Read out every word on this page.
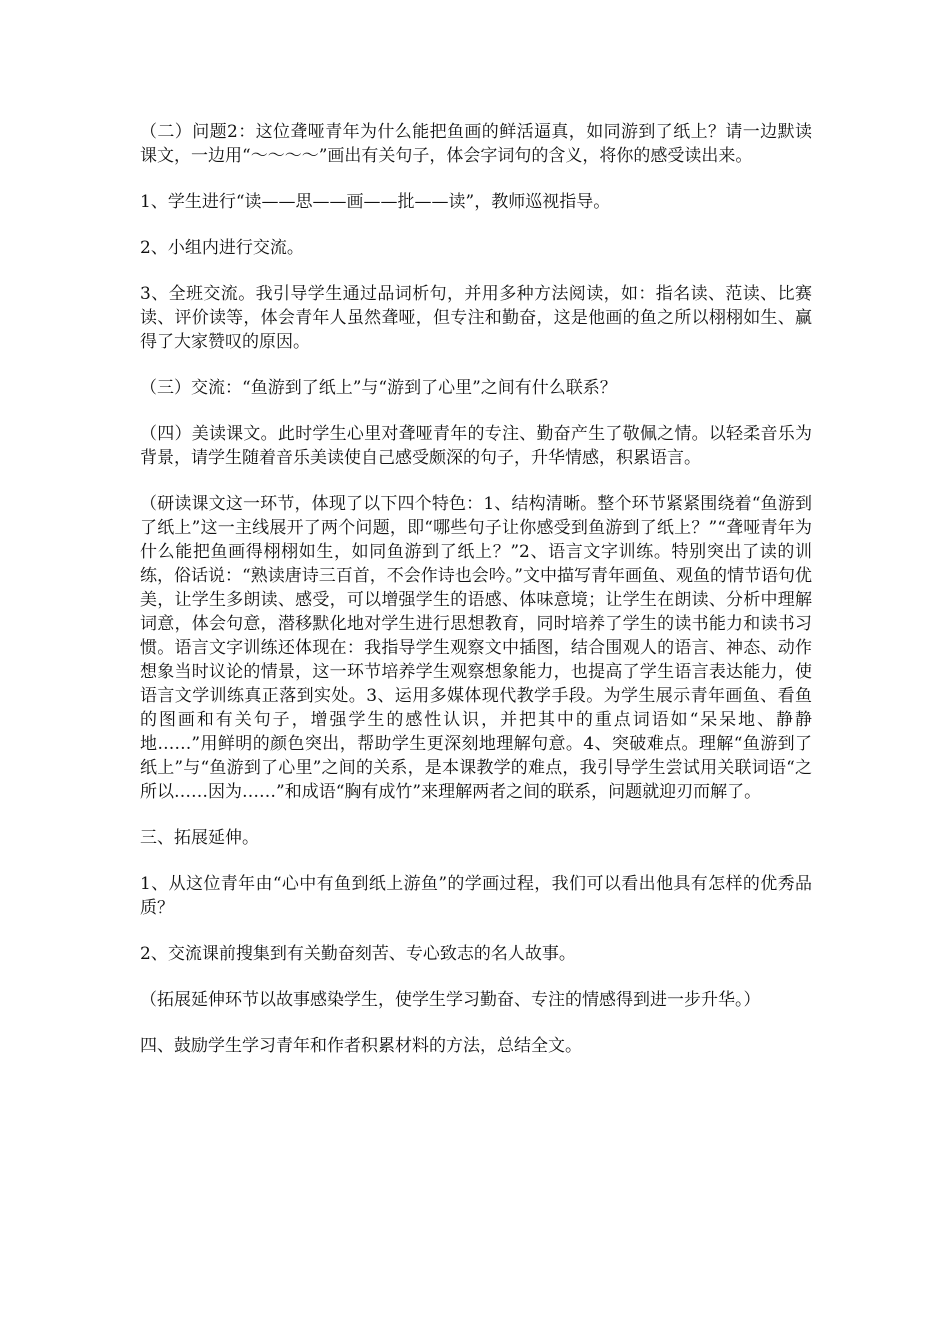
（二）问题2：这位聋哑青年为什么能把鱼画的鲜活逼真，如同游到了纸上？请一边默读课文，一边用“～～～～”画出有关句子，体会字词句的含义，将你的感受读出来。

1、学生进行“读——思——画——批——读”，教师巡视指导。

2、小组内进行交流。

3、全班交流。我引导学生通过品词析句，并用多种方法阅读，如：指名读、范读、比赛读、评价读等，体会青年人虽然聋哑，但专注和勤奋，这是他画的鱼之所以栩栩如生、赢得了大家赞叹的原因。

（三）交流：“鱼游到了纸上”与“游到了心里”之间有什么联系？

（四）美读课文。此时学生心里对聋哑青年的专注、勤奋产生了敬佩之情。以轻柔音乐为背景，请学生随着音乐美读使自己感受颇深的句子，升华情感，积累语言。

（研读课文这一环节，体现了以下四个特色：1、结构清晰。整个环节紧紧围绕着“鱼游到了纸上”这一主线展开了两个问题，即“哪些句子让你感受到鱼游到了纸上？”“聋哑青年为什么能把鱼画得栩栩如生，如同鱼游到了纸上？”2、语言文字训练。特别突出了读的训练，俗话说：“熟读唐诗三百首，不会作诗也会吟。”文中描写青年画鱼、观鱼的情节语句优美，让学生多朗读、感受，可以增强学生的语感、体味意境；让学生在朗读、分析中理解词意，体会句意，潜移默化地对学生进行思想教育，同时培养了学生的读书能力和读书习惯。语言文字训练还体现在：我指导学生观察文中插图，结合围观人的语言、神态、动作想象当时议论的情景，这一环节培养学生观察想象能力，也提高了学生语言表达能力，使语言文学训练真正落到实处。3、运用多媒体现代教学手段。为学生展示青年画鱼、看鱼的图画和有关句子，增强学生的感性认识，并把其中的重点词语如“呆呆地、静静地……”用鲜明的颜色突出，帮助学生更深刻地理解句意。4、突破难点。理解“鱼游到了纸上”与“鱼游到了心里”之间的关系，是本课教学的难点，我引导学生尝试用关联词语“之所以……因为……”和成语“胸有成竹”来理解两者之间的联系，问题就迎刃而解了。

三、拓展延伸。

1、从这位青年由“心中有鱼到纸上游鱼”的学画过程，我们可以看出他具有怎样的优秀品质？

2、交流课前搜集到有关勤奋刻苦、专心致志的名人故事。

（拓展延伸环节以故事感染学生，使学生学习勤奋、专注的情感得到进一步升华。）

四、鼓励学生学习青年和作者积累材料的方法，总结全文。
